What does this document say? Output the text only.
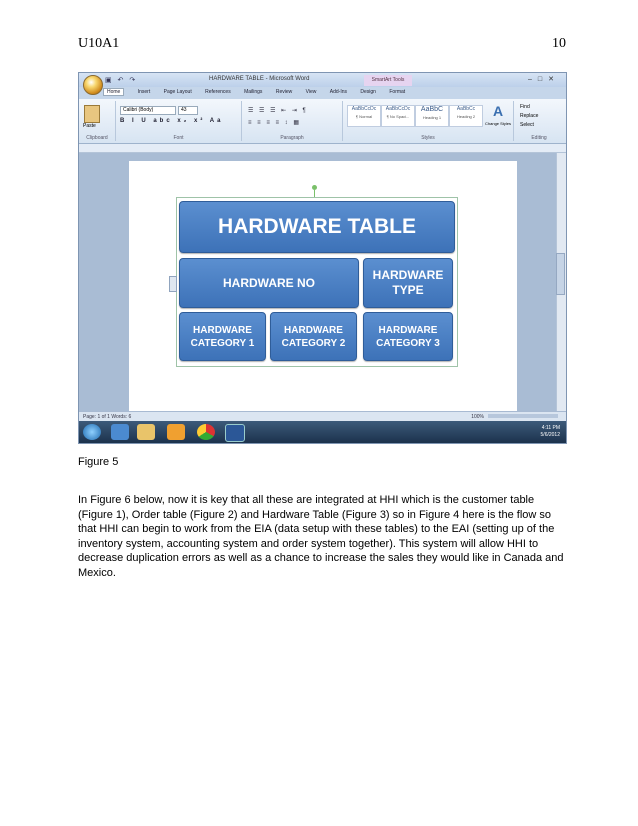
U10A1	10
▣ ↶ ↷	HARDWARE TABLE - Microsoft Word	SmartArt Tools	‒□✕
Home	Insert	Page Layout	References	Mailings	Review	View	Add-Ins	Design	Format
Paste
Clipboard
Calibri (Body)	43
B I U abc x₂ x² Aa
Font
☰ ☰ ☰ ⇤ ⇥ ¶
≡ ≡ ≡ ≡ ↕ ▦
Paragraph
AaBbCcDc
¶ Normal
AaBbCcDc
¶ No Spaci...
AaBbC
Heading 1
AaBbCc
Heading 2	A
Change Styles
Styles
Find
Replace
Select
Editing
HARDWARE TABLE
HARDWARE NO
HARDWARE TYPE
HARDWARE CATEGORY 1
HARDWARE CATEGORY 2
HARDWARE CATEGORY 3
Page: 1 of 1 Words: 6	100%
4:11 PM
5/6/2012
Figure 5
In Figure 6 below, now it is key that all these are integrated at HHI which is the customer table (Figure 1), Order table (Figure 2) and Hardware Table (Figure 3) so in Figure 4 here is the flow so that HHI can begin to work from the EIA (data setup with these tables) to the EAI (setting up of the inventory system, accounting system and order system together). This system will allow HHI to decrease duplication errors as well as a chance to increase the sales they would like in Canada and Mexico.
